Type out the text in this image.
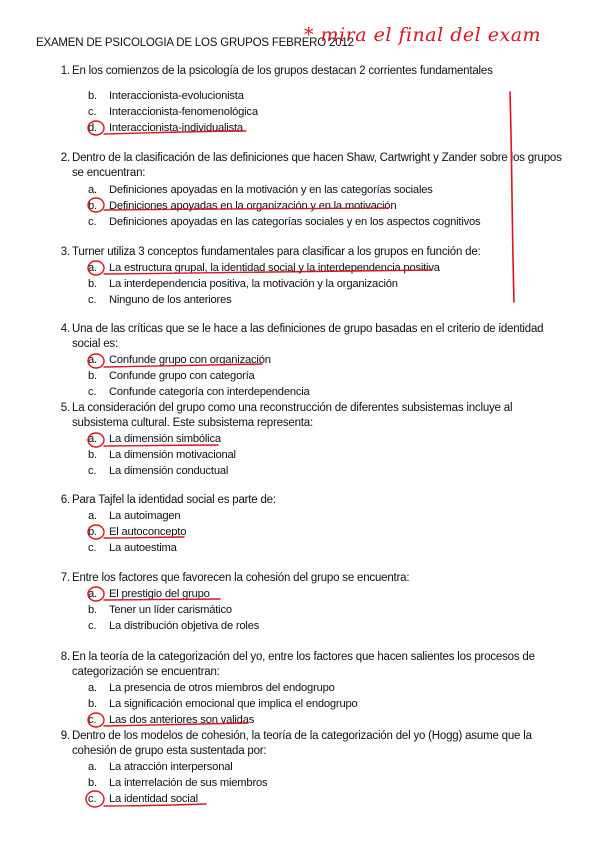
EXAMEN DE PSICOLOGIA DE LOS GRUPOS FEBRERO 2012
* mira el final del exam
1. En los comienzos de la psicología de los grupos destacan 2 corrientes fundamentales
b.	Interaccionista-evolucionista
c.	Interaccionista-fenomenológica
d.	Interaccionista-individualista
2. Dentro de la clasificación de las definiciones que hacen Shaw, Cartwright y Zander sobre los grupos se encuentran:
a.	Definiciones apoyadas en la motivación y en las categorías sociales
b.	Definiciones apoyadas en la organización y en la motivación
c.	Definiciones apoyadas en las categorías sociales y en los aspectos cognitivos
3. Turner utiliza 3 conceptos fundamentales para clasificar a los grupos en función de:
a.	La estructura grupal, la identidad social y la interdependencia positiva
b.	La interdependencia positiva, la motivación y la organización
c.	Ninguno de los anteriores
4. Una de las críticas que se le hace a las definiciones de grupo basadas en el criterio de identidad social es:
a.	Confunde grupo con organización
b.	Confunde grupo con categoría
c.	Confunde categoría con interdependencia
5. La consideración del grupo como una reconstrucción de diferentes subsistemas incluye al subsistema cultural. Este subsistema representa:
a.	La dimensión simbólica
b.	La dimensión motivacional
c.	La dimensión conductual
6. Para Tajfel la identidad social es parte de:
a.	La autoimagen
b.	El autoconcepto
c.	La autoestima
7. Entre los factores que favorecen la cohesión del grupo se encuentra:
a.	El prestigio del grupo
b.	Tener un líder carismático
c.	La distribución objetiva de roles
8. En la teoría de la categorización del yo, entre los factores que hacen salientes los procesos de categorización se encuentran:
a.	La presencia de otros miembros del endogrupo
b.	La significación emocional que implica el endogrupo
c.	Las dos anteriores son validas
9. Dentro de los modelos de cohesión, la teoría de la categorización del yo (Hogg) asume que la cohesión de grupo esta sustentada por:
a.	La atracción interpersonal
b.	La interrelación de sus miembros
c.	La identidad social
